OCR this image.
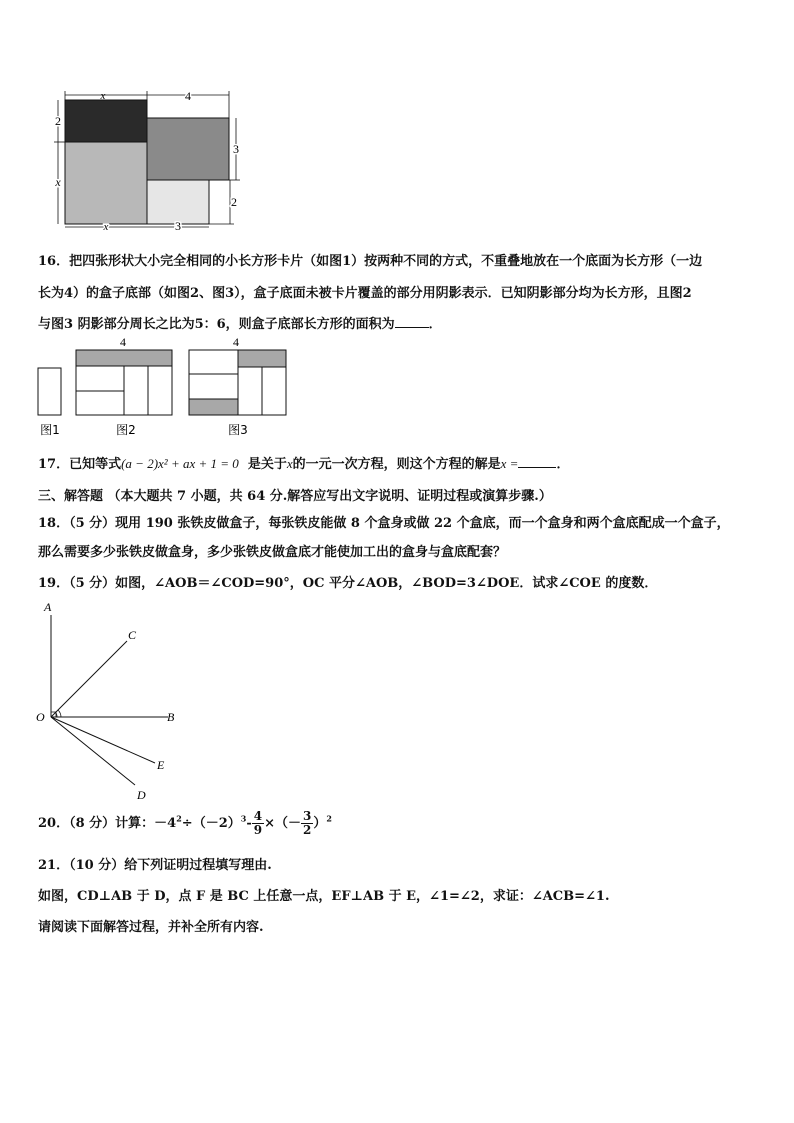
x	4
2
x
3
2
x	3
16．把四张形状大小完全相同的小长方形卡片（如图1）按两种不同的方式，不重叠地放在一个底面为长方形（一边
长为4）的盒子底部（如图2、图3），盒子底面未被卡片覆盖的部分用阴影表示．已知阴影部分均为长方形，且图2
与图3 阴影部分周长之比为5：6，则盒子底部长方形的面积为	．
4	4
图1	图2	图3
17．已知等式(a − 2)x² + ax + 1 = 0 是关于x的一元一次方程，则这个方程的解是x =	．
三、解答题 （本大题共 7 小题，共 64 分.解答应写出文字说明、证明过程或演算步骤.）
18．（5 分）现用 190 张铁皮做盒子，每张铁皮能做 8 个盒身或做 22 个盒底，而一个盒身和两个盒底配成一个盒子，
那么需要多少张铁皮做盒身，多少张铁皮做盒底才能使加工出的盒身与盒底配套？
19．（5 分）如图，∠AOB＝∠COD=90°，OC 平分∠AOB，∠BOD=3∠DOE．试求∠COE 的度数．
A
C
O	B
E
D
20．（8 分）计算：$-4^2\div(-2)^3- \frac{4}{9}$ ×（－ $\frac{3}{2} )^2$
21．（10 分）给下列证明过程填写理由.
如图，CD⊥AB 于 D，点 F 是 BC 上任意一点，EF⊥AB 于 E，∠1=∠2，求证：∠ACB=∠1.
请阅读下面解答过程，并补全所有内容.
